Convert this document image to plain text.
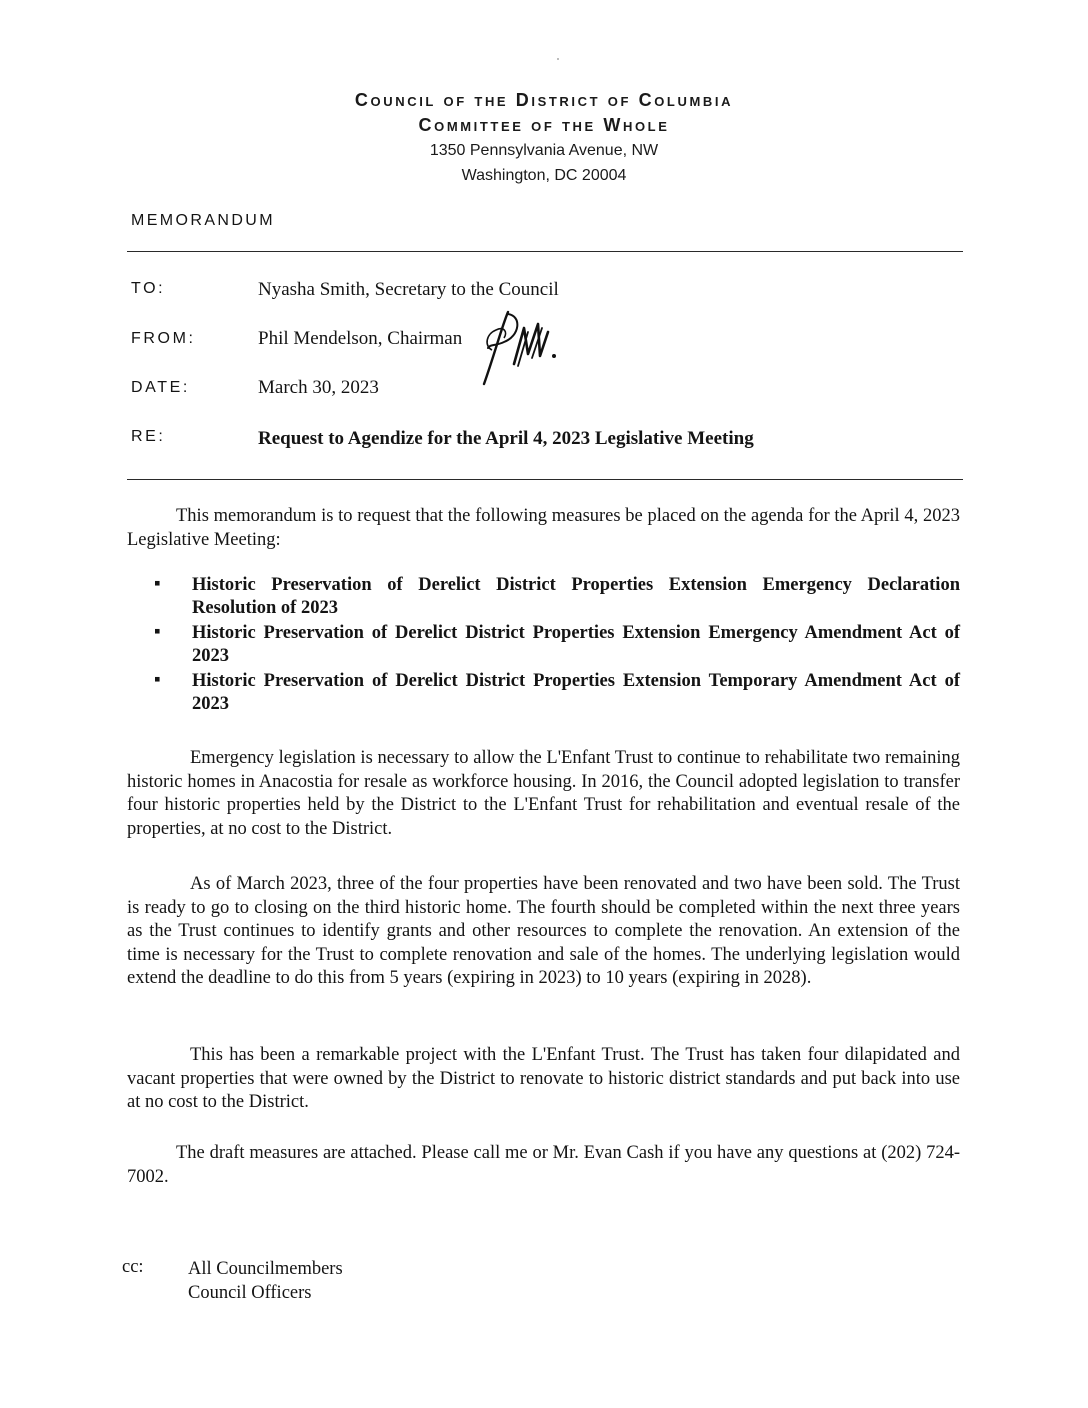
Council of the District of Columbia
Committee of the Whole
1350 Pennsylvania Avenue, NW
Washington, DC 20004
MEMORANDUM
TO:	Nyasha Smith, Secretary to the Council
FROM:	Phil Mendelson, Chairman
DATE:	March 30, 2023
RE:	Request to Agendize for the April 4, 2023 Legislative Meeting

This memorandum is to request that the following measures be placed on the agenda for the April 4, 2023 Legislative Meeting:

▪ Historic Preservation of Derelict District Properties Extension Emergency Declaration Resolution of 2023
▪ Historic Preservation of Derelict District Properties Extension Emergency Amendment Act of 2023
▪ Historic Preservation of Derelict District Properties Extension Temporary Amendment Act of 2023

Emergency legislation is necessary to allow the L'Enfant Trust to continue to rehabilitate two remaining historic homes in Anacostia for resale as workforce housing. In 2016, the Council adopted legislation to transfer four historic properties held by the District to the L'Enfant Trust for rehabilitation and eventual resale of the properties, at no cost to the District.

As of March 2023, three of the four properties have been renovated and two have been sold. The Trust is ready to go to closing on the third historic home. The fourth should be completed within the next three years as the Trust continues to identify grants and other resources to complete the renovation. An extension of the time is necessary for the Trust to complete renovation and sale of the homes. The underlying legislation would extend the deadline to do this from 5 years (expiring in 2023) to 10 years (expiring in 2028).

This has been a remarkable project with the L'Enfant Trust. The Trust has taken four dilapidated and vacant properties that were owned by the District to renovate to historic district standards and put back into use at no cost to the District.

The draft measures are attached. Please call me or Mr. Evan Cash if you have any questions at (202) 724-7002.

cc: All Councilmembers
Council Officers
